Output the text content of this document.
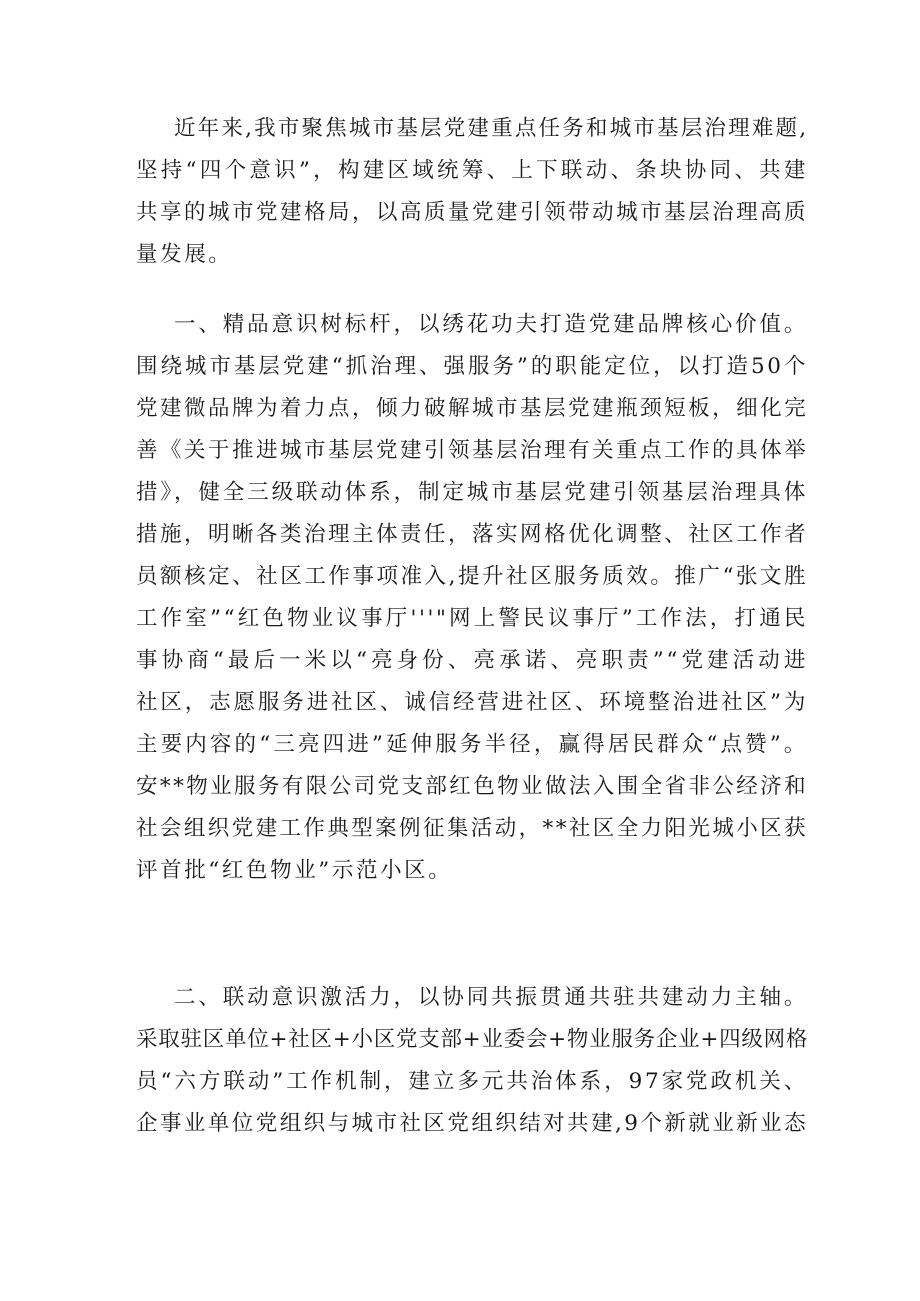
近年来,我市聚焦城市基层党建重点任务和城市基层治理难题,
坚持“四个意识”，构建区域统筹、上下联动、条块协同、共建
共享的城市党建格局，以高质量党建引领带动城市基层治理高质
量发展。
一、精品意识树标杆，以绣花功夫打造党建品牌核心价值。
围绕城市基层党建“抓治理、强服务”的职能定位，以打造50个
党建微品牌为着力点，倾力破解城市基层党建瓶颈短板，细化完
善《关于推进城市基层党建引领基层治理有关重点工作的具体举
措》，健全三级联动体系，制定城市基层党建引领基层治理具体
措施，明晰各类治理主体责任，落实网格优化调整、社区工作者
员额核定、社区工作事项准入,提升社区服务质效。推广“张文胜
工作室”“红色物业议事厅'''"网上警民议事厅”工作法，打通民
事协商“最后一米以“亮身份、亮承诺、亮职责”“党建活动进
社区，志愿服务进社区、诚信经营进社区、环境整治进社区”为
主要内容的“三亮四进”延伸服务半径，赢得居民群众“点赞”。
安**物业服务有限公司党支部红色物业做法入围全省非公经济和
社会组织党建工作典型案例征集活动，**社区全力阳光城小区获
评首批“红色物业”示范小区。
二、联动意识激活力，以协同共振贯通共驻共建动力主轴。
采取驻区单位+社区+小区党支部+业委会+物业服务企业+四级网格
员“六方联动”工作机制，建立多元共治体系，97家党政机关、
企事业单位党组织与城市社区党组织结对共建,9个新就业新业态
